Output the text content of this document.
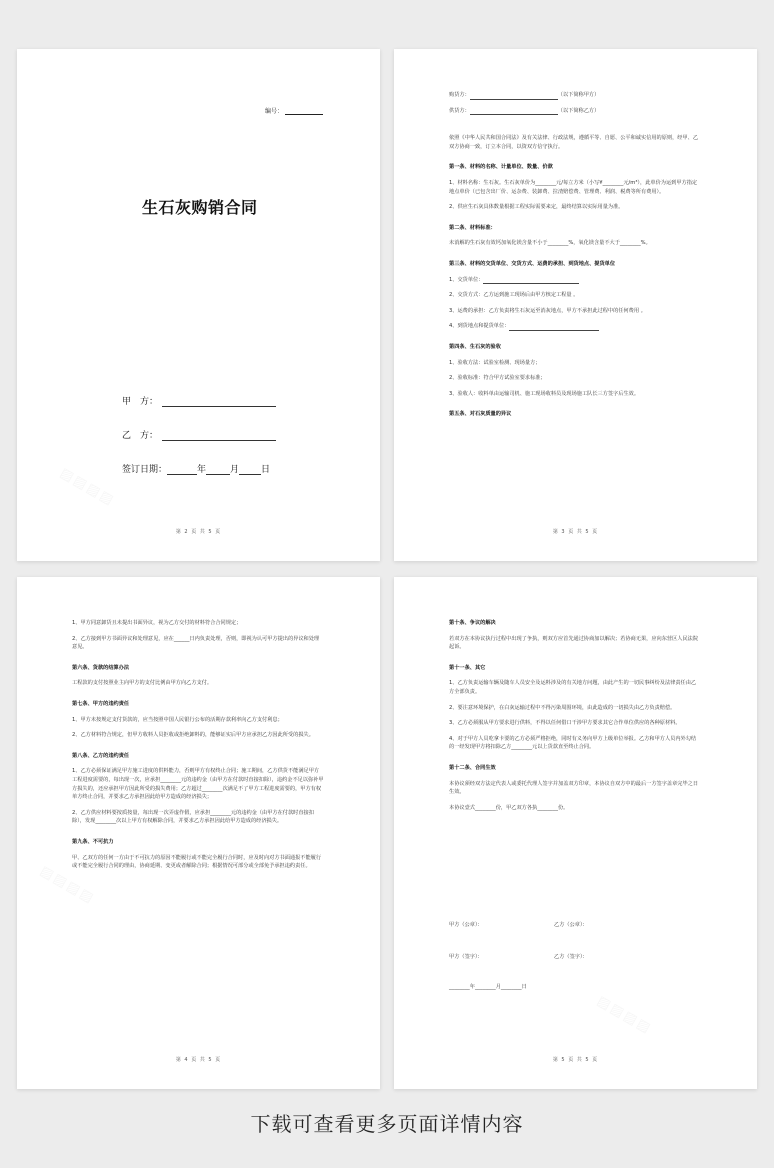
编号：
生石灰购销合同
甲　方：
乙　方：
签订日期：	年	月 日
第 2 页 共 5 页

购货方：	（以下简称甲方）

供货方：	（以下简称乙方）

依照《中华人民共和国合同法》及有关法律、行政法规，遵循平等、自愿、公平和诚实信用的原则，经甲、乙双方协商一致，订立本合同，以资双方信守执行。

第一条、材料的名称、计量单位、数量、价款

1、材料名称：生石灰。生石灰单价为________元/每立方米（小写¥________元/m³），此单价为运到甲方指定地点单价（已包含出厂价、运杂费、装卸费、拉渣赔偿费、管理费、利润、税费等所有费用）。

2、供应生石灰具体数量根据工程实际需要来定，最终结算以实际用量为准。

第二条、材料标准：

未消解的生石灰有效钙加氧化镁含量不小于________%，氧化镁含量不大于________%。

第三条、材料的交货单位、交货方式、运费的承担、到货地点、提货单位

1、交货单位：

2、交货方式：乙方运到施工现场后由甲方核定工程量 。

3、运费的承担：乙方负责将生石灰运至消灰地点，甲方不承担此过程中的任何费用 。

4、到货地点和提货单位：

第四条、生石灰的验收

1、验收方法：试验室检测、现场量方；

2、验收标准：符合甲方试验室要求标准；

3、验收人：收料单由运输司机、施工现场收料员及现场施工队长三方签字后生效。

第五条、对石灰质量的异议

第 3 页 共 5 页

1、甲方同意卸货且未提出书面异议，视为乙方交付的材料符合合同规定；

2、乙方接到甲方书面异议和处理意见，应在______日内负责处理，否则，即视为认可甲方提出的异议和处理意见。

第六条、货款的结算办法

工程款的支付按照业主向甲方的支付比例由甲方向乙方支付。

第七条、甲方的违约责任

1、甲方未按规定支付货款的，应当按照中国人民银行公布的活期存款利率向乙方支付利息；

2、乙方材料符合规定，但甲方收料人员拒收或拒绝卸料的，能够证实后甲方应承担乙方因此所受的损失。

第八条、乙方的违约责任

1、乙方必须保证满足甲方施工进度的供料能力，否则甲方有权终止合同；施工期间，乙方供货不能满足甲方工程进度需要的，每出现一次，应承担________元的违约金（由甲方在付款时直接扣除），违约金不足以弥补甲方损失的，还应承担甲方因此所受的损失费用；乙方超过________次满足不了甲方工程进度需要的，甲方有权单方终止合同，并要求乙方承担因此给甲方造成的经济损失；

2、乙方供应材料要按质按量，每出现一次弄虚作假，应承担________元的违约金（由甲方在付款时直接扣除），发现________次以上甲方有权解除合同，并要求乙方承担因此给甲方造成的经济损失。

第九条、不可抗力

甲、乙双方的任何一方由于不可抗力的原因不能履行或不能完全履行合同时，应及时向对方书面通报不能履行或不能完全履行合同的理由，协商延期、变更或者解除合同；根据情况可部分或全部免予承担违约责任。

第 4 页 共 5 页

第十条、争议的解决

若双方在本协议执行过程中出现了争执，则双方应首先通过协商加以解决；若协商无果，应向东营区人民法院起诉。

第十一条、其它

1、乙方负责运输车辆及随车人员安全及运料涉及的有关地方问题，由此产生的一切民事纠纷及法律责任由乙方全部负责。

2、要注意环境保护，在白灰运输过程中不得污染周围环境，由此造成的一切损失由乙方负责赔偿。

3、乙方必须服从甲方要求进行供料，不得以任何借口干涉甲方要求其它合作单位供应的各种原材料。

4、对于甲方人员吃拿卡要的乙方必须严格拒绝，同时有义务向甲方上级单位举报。乙方和甲方人员内外勾结的一经发现甲方将扣除乙方________元以上货款直至终止合同。

第十二条、合同生效

本协议须经双方法定代表人或委托代理人签字并加盖双方印章，本协议自双方中的最后一方签字盖章完毕之日生效。

本协议壹式________份，甲乙双方各执________份。

甲方（公章）：	乙方（公章）：
甲方（签字）：	乙方（签字）：
________年________月________日
第 5 页 共 5 页
下载可查看更多页面详情内容
